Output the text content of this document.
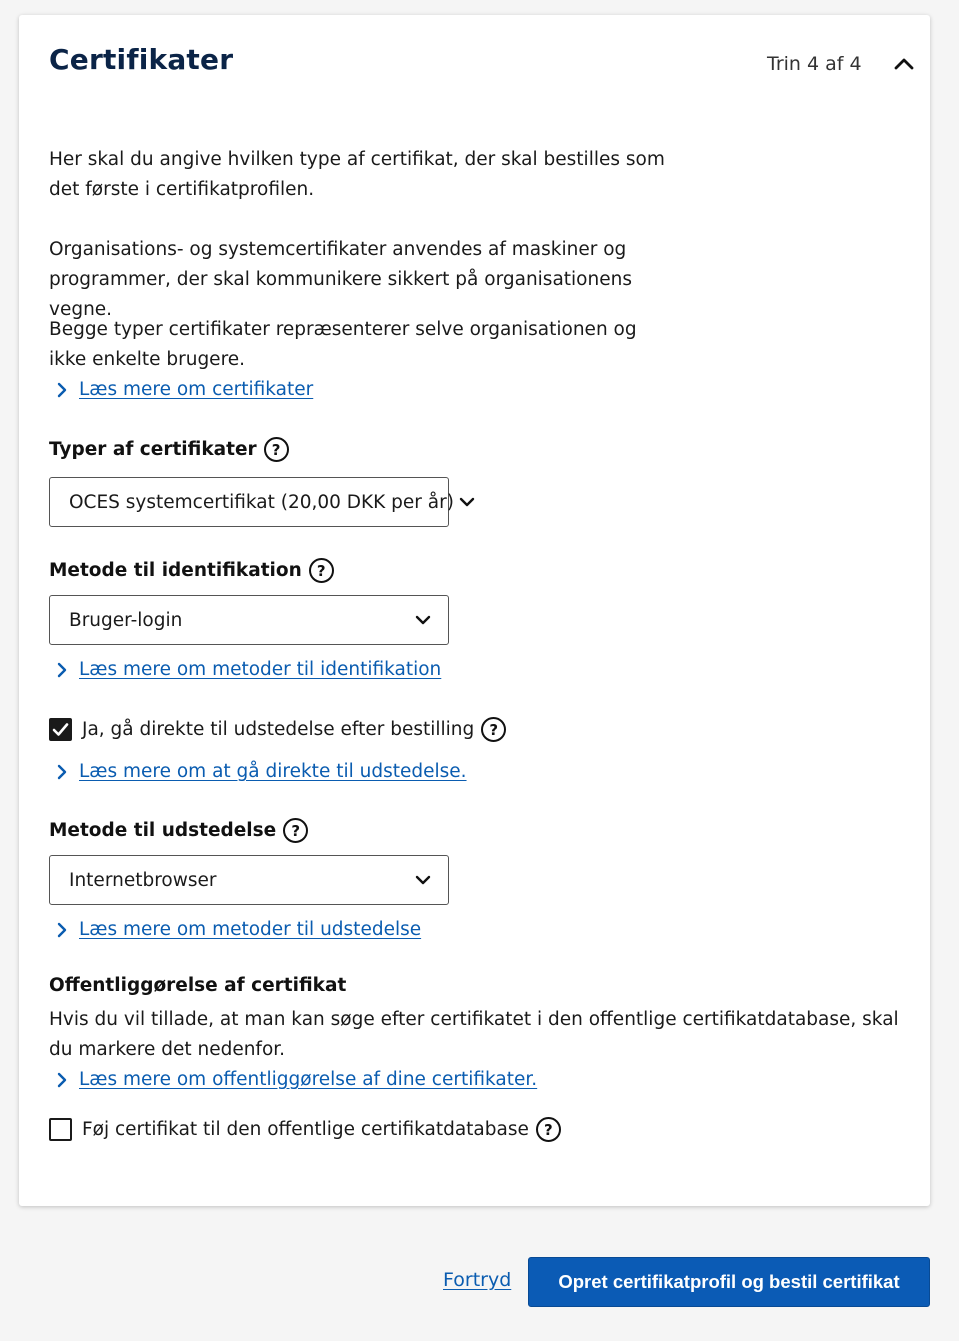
Certifikater	Trin 4 af 4

Her skal du angive hvilken type af certifikat, der skal bestilles som det første i certifikatprofilen.

Organisations- og systemcertifikater anvendes af maskiner og programmer, der skal kommunikere sikkert på organisationens vegne.

Begge typer certifikater repræsenterer selve organisationen og ikke enkelte brugere.

Læs mere om certifikater
Typer af certifikater	?
OCES systemcertifikat (20,00 DKK per år)
Metode til identifikation	?
Bruger-login
Læs mere om metoder til identifikation
Ja, gå direkte til udstedelse efter bestilling	?
Læs mere om at gå direkte til udstedelse.
Metode til udstedelse	?
Internetbrowser
Læs mere om metoder til udstedelse
Offentliggørelse af certifikat

Hvis du vil tillade, at man kan søge efter certifikatet i den offentlige certifikatdatabase, skal du markere det nedenfor.

Læs mere om offentliggørelse af dine certifikater.
Føj certifikat til den offentlige certifikatdatabase	?
Fortryd	Opret certifikatprofil og bestil certifikat
